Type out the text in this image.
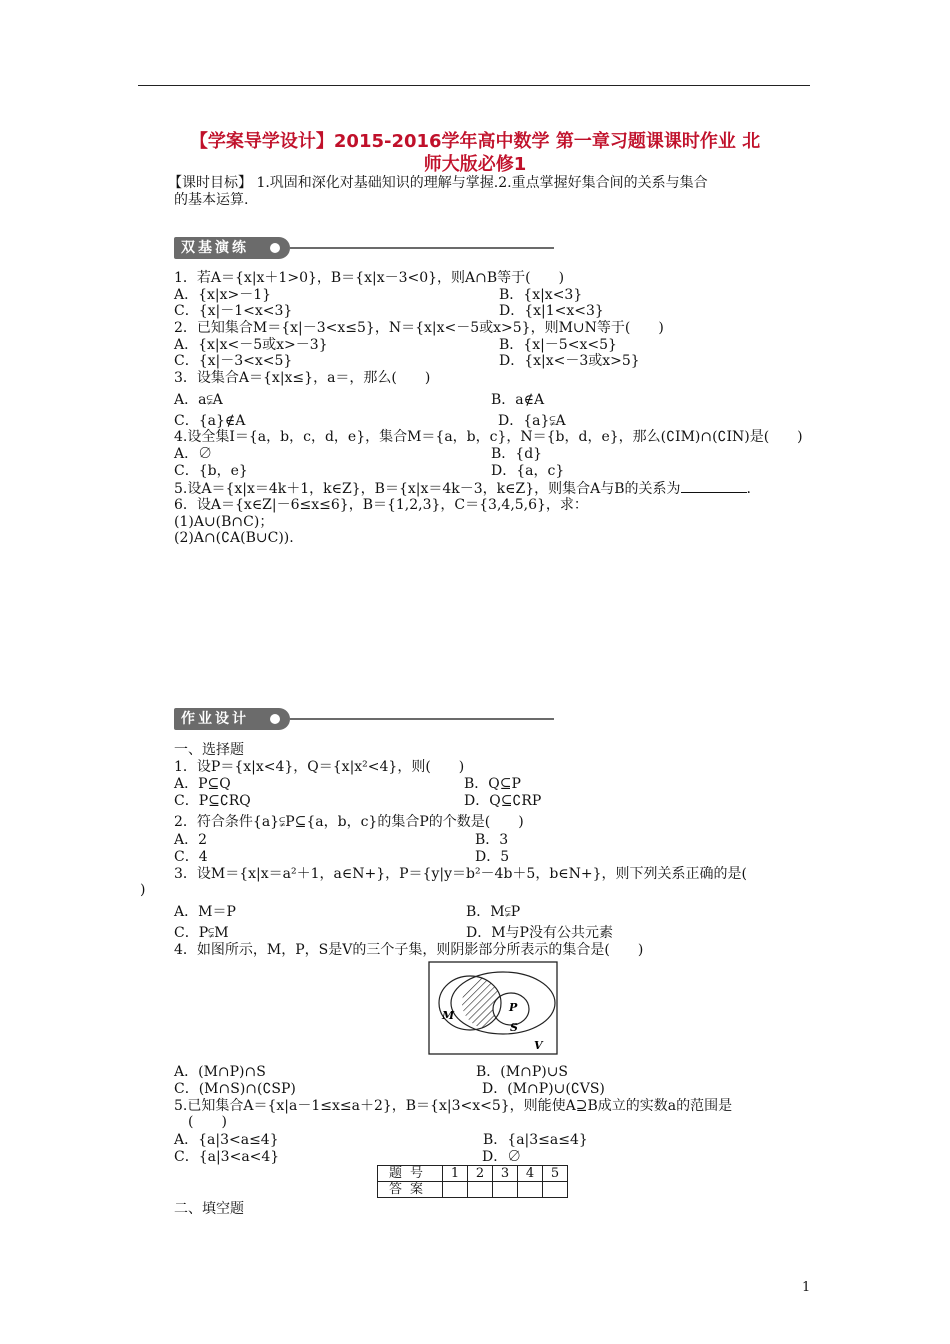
【学案导学设计】2015-2016学年高中数学 第一章习题课课时作业 北
师大版必修1
【课时目标】 1.巩固和深化对基础知识的理解与掌握.2.重点掌握好集合间的关系与集合
的基本运算.
双基演练
1．若A＝{x|x＋1>0}，B＝{x|x－3<0}，则A∩B等于(　　)
A．{x|x>－1}	B．{x|x<3}
C．{x|－1<x<3}	D．{x|1<x<3}
2．已知集合M＝{x|－3<x≤5}，N＝{x|x<－5或x>5}，则M∪N等于(　　)
A．{x|x<－5或x>－3}	B．{x|－5<x<5}
C．{x|－3<x<5}	D．{x|x<－3或x>5}
3．设集合A＝{x|x≤}，a＝，那么(　　)
A．a⫋A	B．a∉A
C．{a}∉A	D．{a}⫋A
4.设全集I＝{a，b，c，d，e}，集合M＝{a，b，c}，N＝{b，d，e}，那么(∁IM)∩(∁IN)是(　　)
A．∅	B．{d}
C．{b，e}	D．{a，c}
5.设A＝{x|x＝4k＋1，k∈Z}，B＝{x|x＝4k－3，k∈Z}，则集合A与B的关系为	.
6．设A＝{x∈Z|－6≤x≤6}，B＝{1,2,3}，C＝{3,4,5,6}，求：
(1)A∪(B∩C)；
(2)A∩(∁A(B∪C)).
作业设计
一、选择题
1．设P＝{x|x<4}，Q＝{x|x²<4}，则(　　)
A．P⊆Q	B．Q⊆P
C．P⊆∁RQ	D．Q⊆∁RP
2．符合条件{a}⫋P⊆{a，b，c}的集合P的个数是(　　)
A．2	B．3
C．4	D．5
3．设M＝{x|x＝a²＋1，a∈N+}，P＝{y|y＝b²－4b＋5，b∈N+}，则下列关系正确的是(
)
A．M＝P	B．M⫋P
C．P⫋M	D．M与P没有公共元素
4．如图所示，M，P，S是V的三个子集，则阴影部分所表示的集合是(　　)
M
P
S
V
A．(M∩P)∩S	B．(M∩P)∪S
C．(M∩S)∩(∁SP)	D．(M∩P)∪(∁VS)
5.已知集合A＝{x|a－1≤x≤a＋2}，B＝{x|3<x<5}，则能使A⊇B成立的实数a的范围是
(　　)
A．{a|3<a≤4}	B．{a|3≤a≤4}
C．{a|3<a<4}	D．∅
题号	1	2	3	4	5
答案					
二、填空题
1
